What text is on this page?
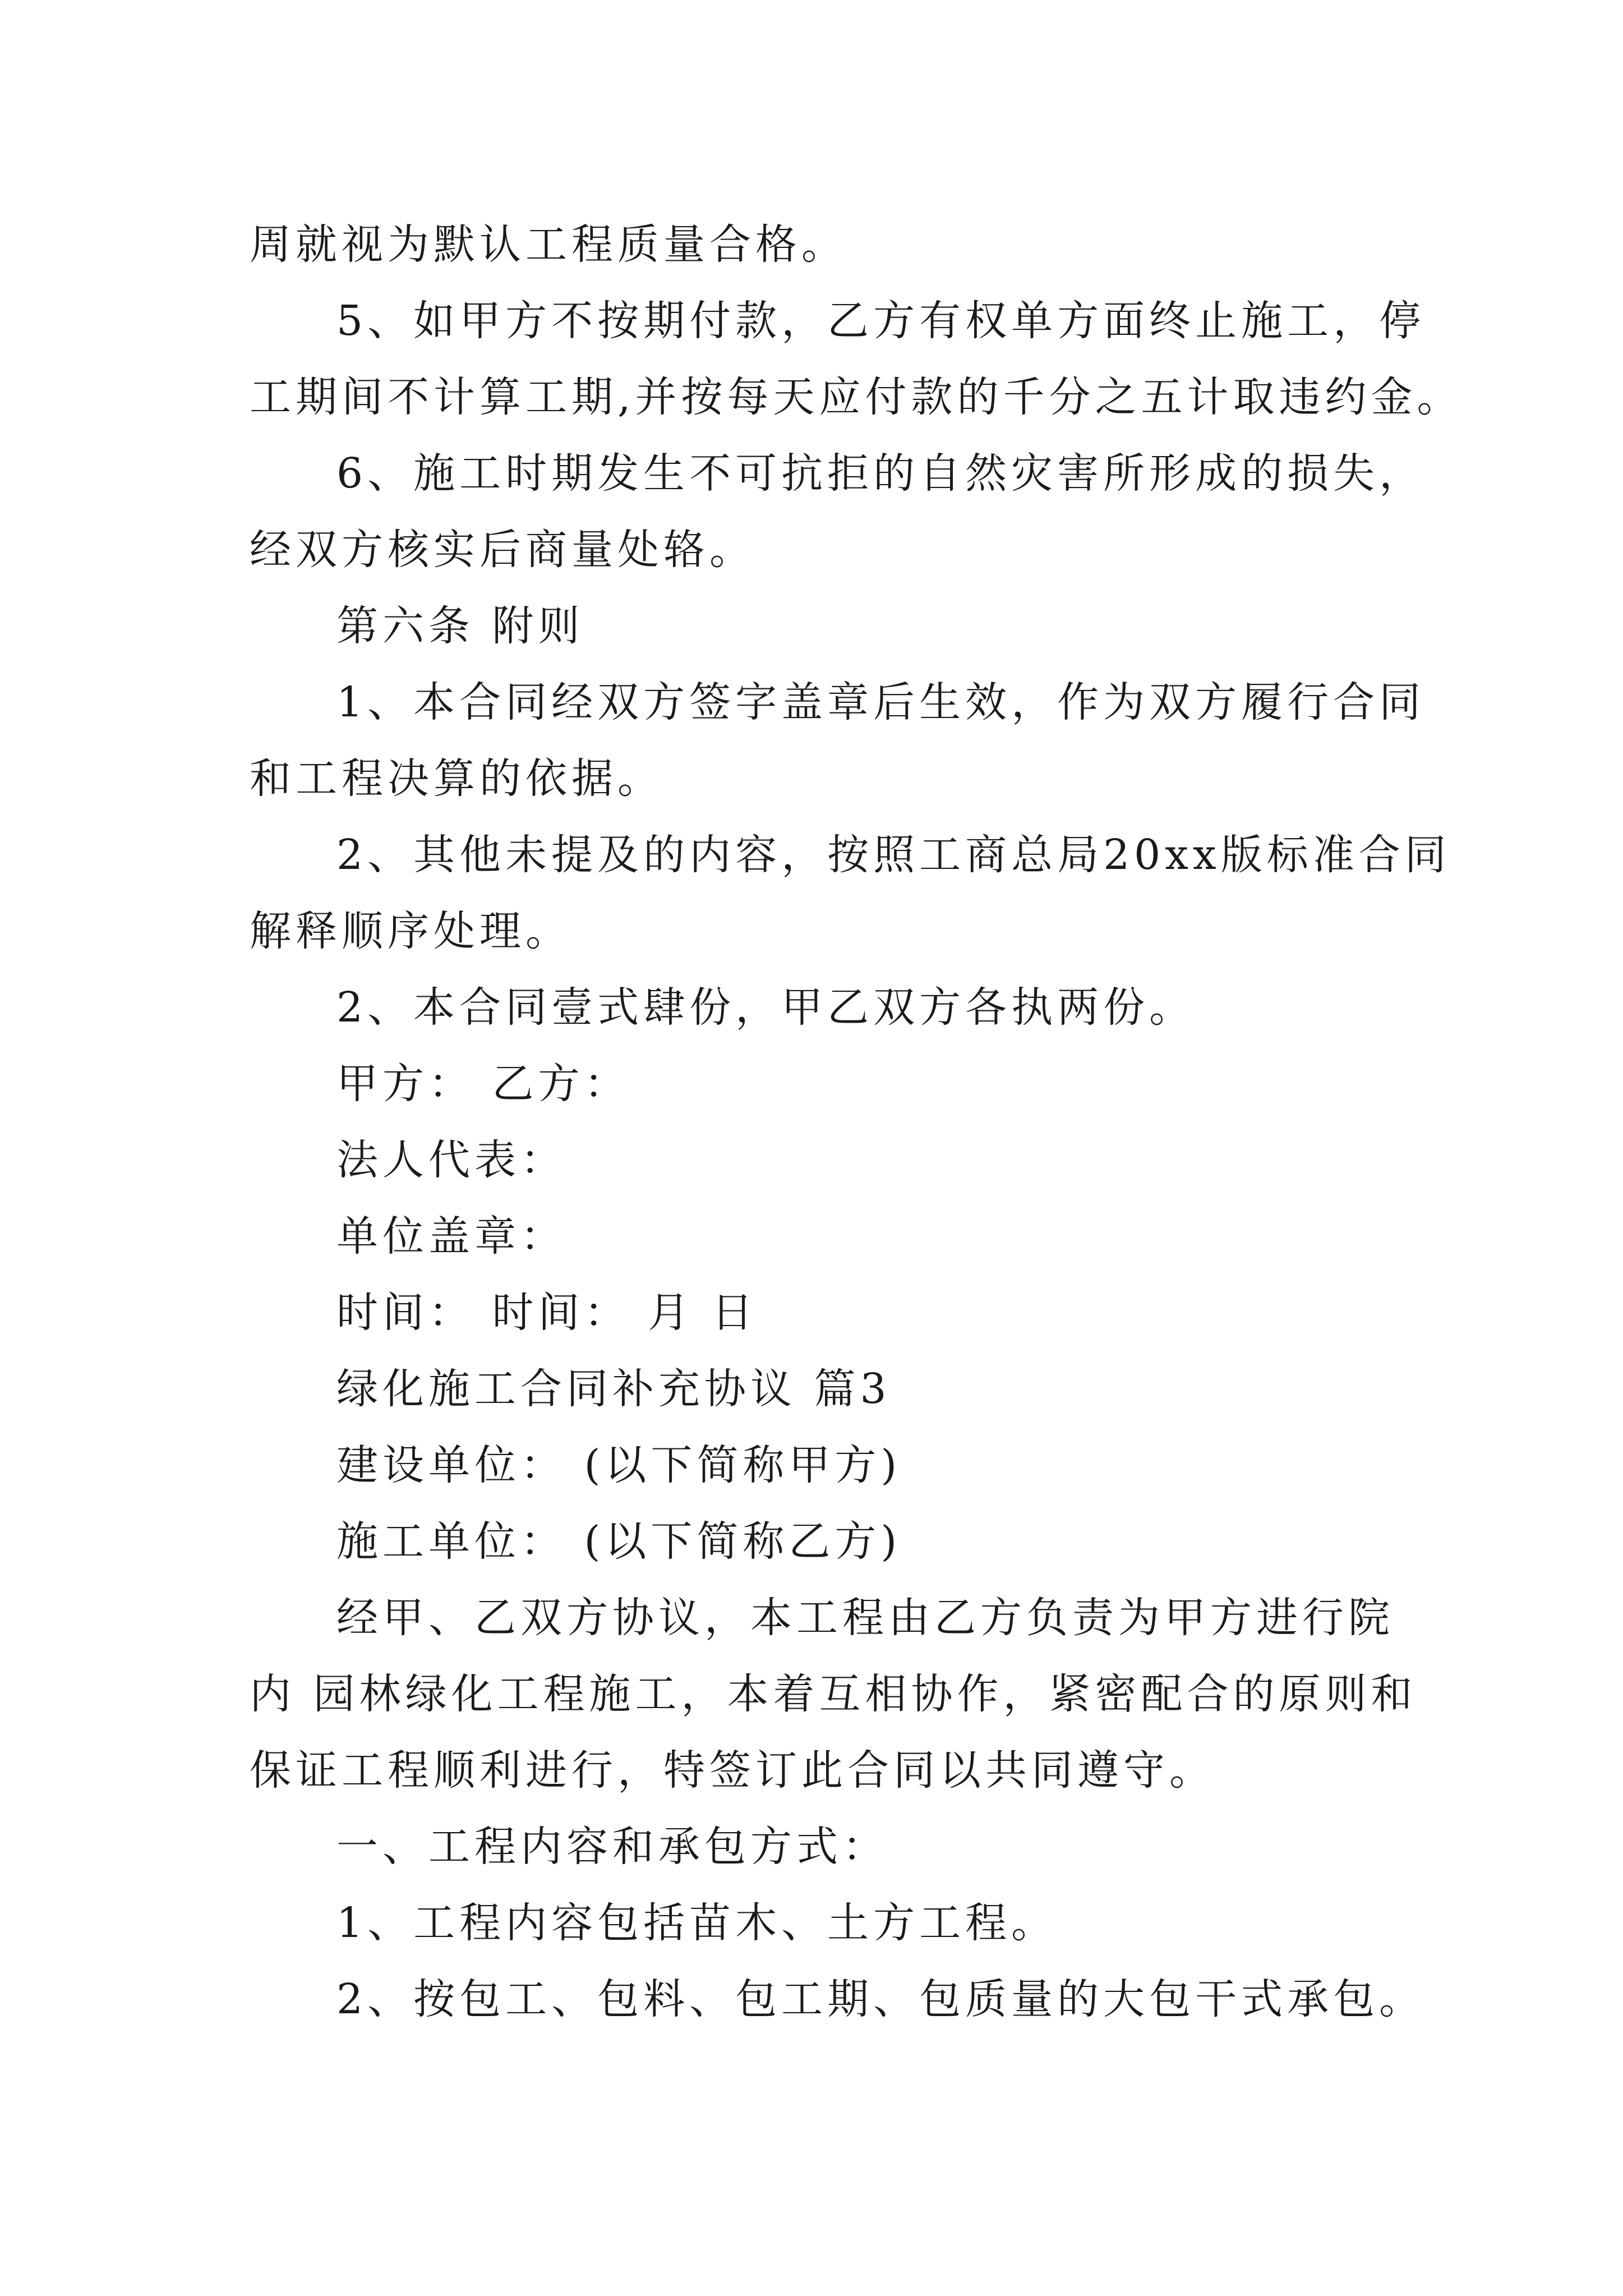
周就视为默认工程质量合格。
5、如甲方不按期付款，乙方有权单方面终止施工，停
工期间不计算工期,并按每天应付款的千分之五计取违约金。
6、施工时期发生不可抗拒的自然灾害所形成的损失，
经双方核实后商量处辂。
第六条 附则
1、本合同经双方签字盖章后生效，作为双方履行合同
和工程决算的依据。
2、其他未提及的内容，按照工商总局20xx版标准合同
解释顺序处理。
2、本合同壹式肆份，甲乙双方各执两份。
甲方： 乙方：
法人代表：
单位盖章：
时间： 时间： 月 日
绿化施工合同补充协议 篇3
建设单位： (以下简称甲方)
施工单位： (以下简称乙方)
经甲、乙双方协议，本工程由乙方负责为甲方进行院
内 园林绿化工程施工，本着互相协作，紧密配合的原则和
保证工程顺利进行，特签订此合同以共同遵守。
一、工程内容和承包方式：
1、工程内容包括苗木、土方工程。
2、按包工、包料、包工期、包质量的大包干式承包。
